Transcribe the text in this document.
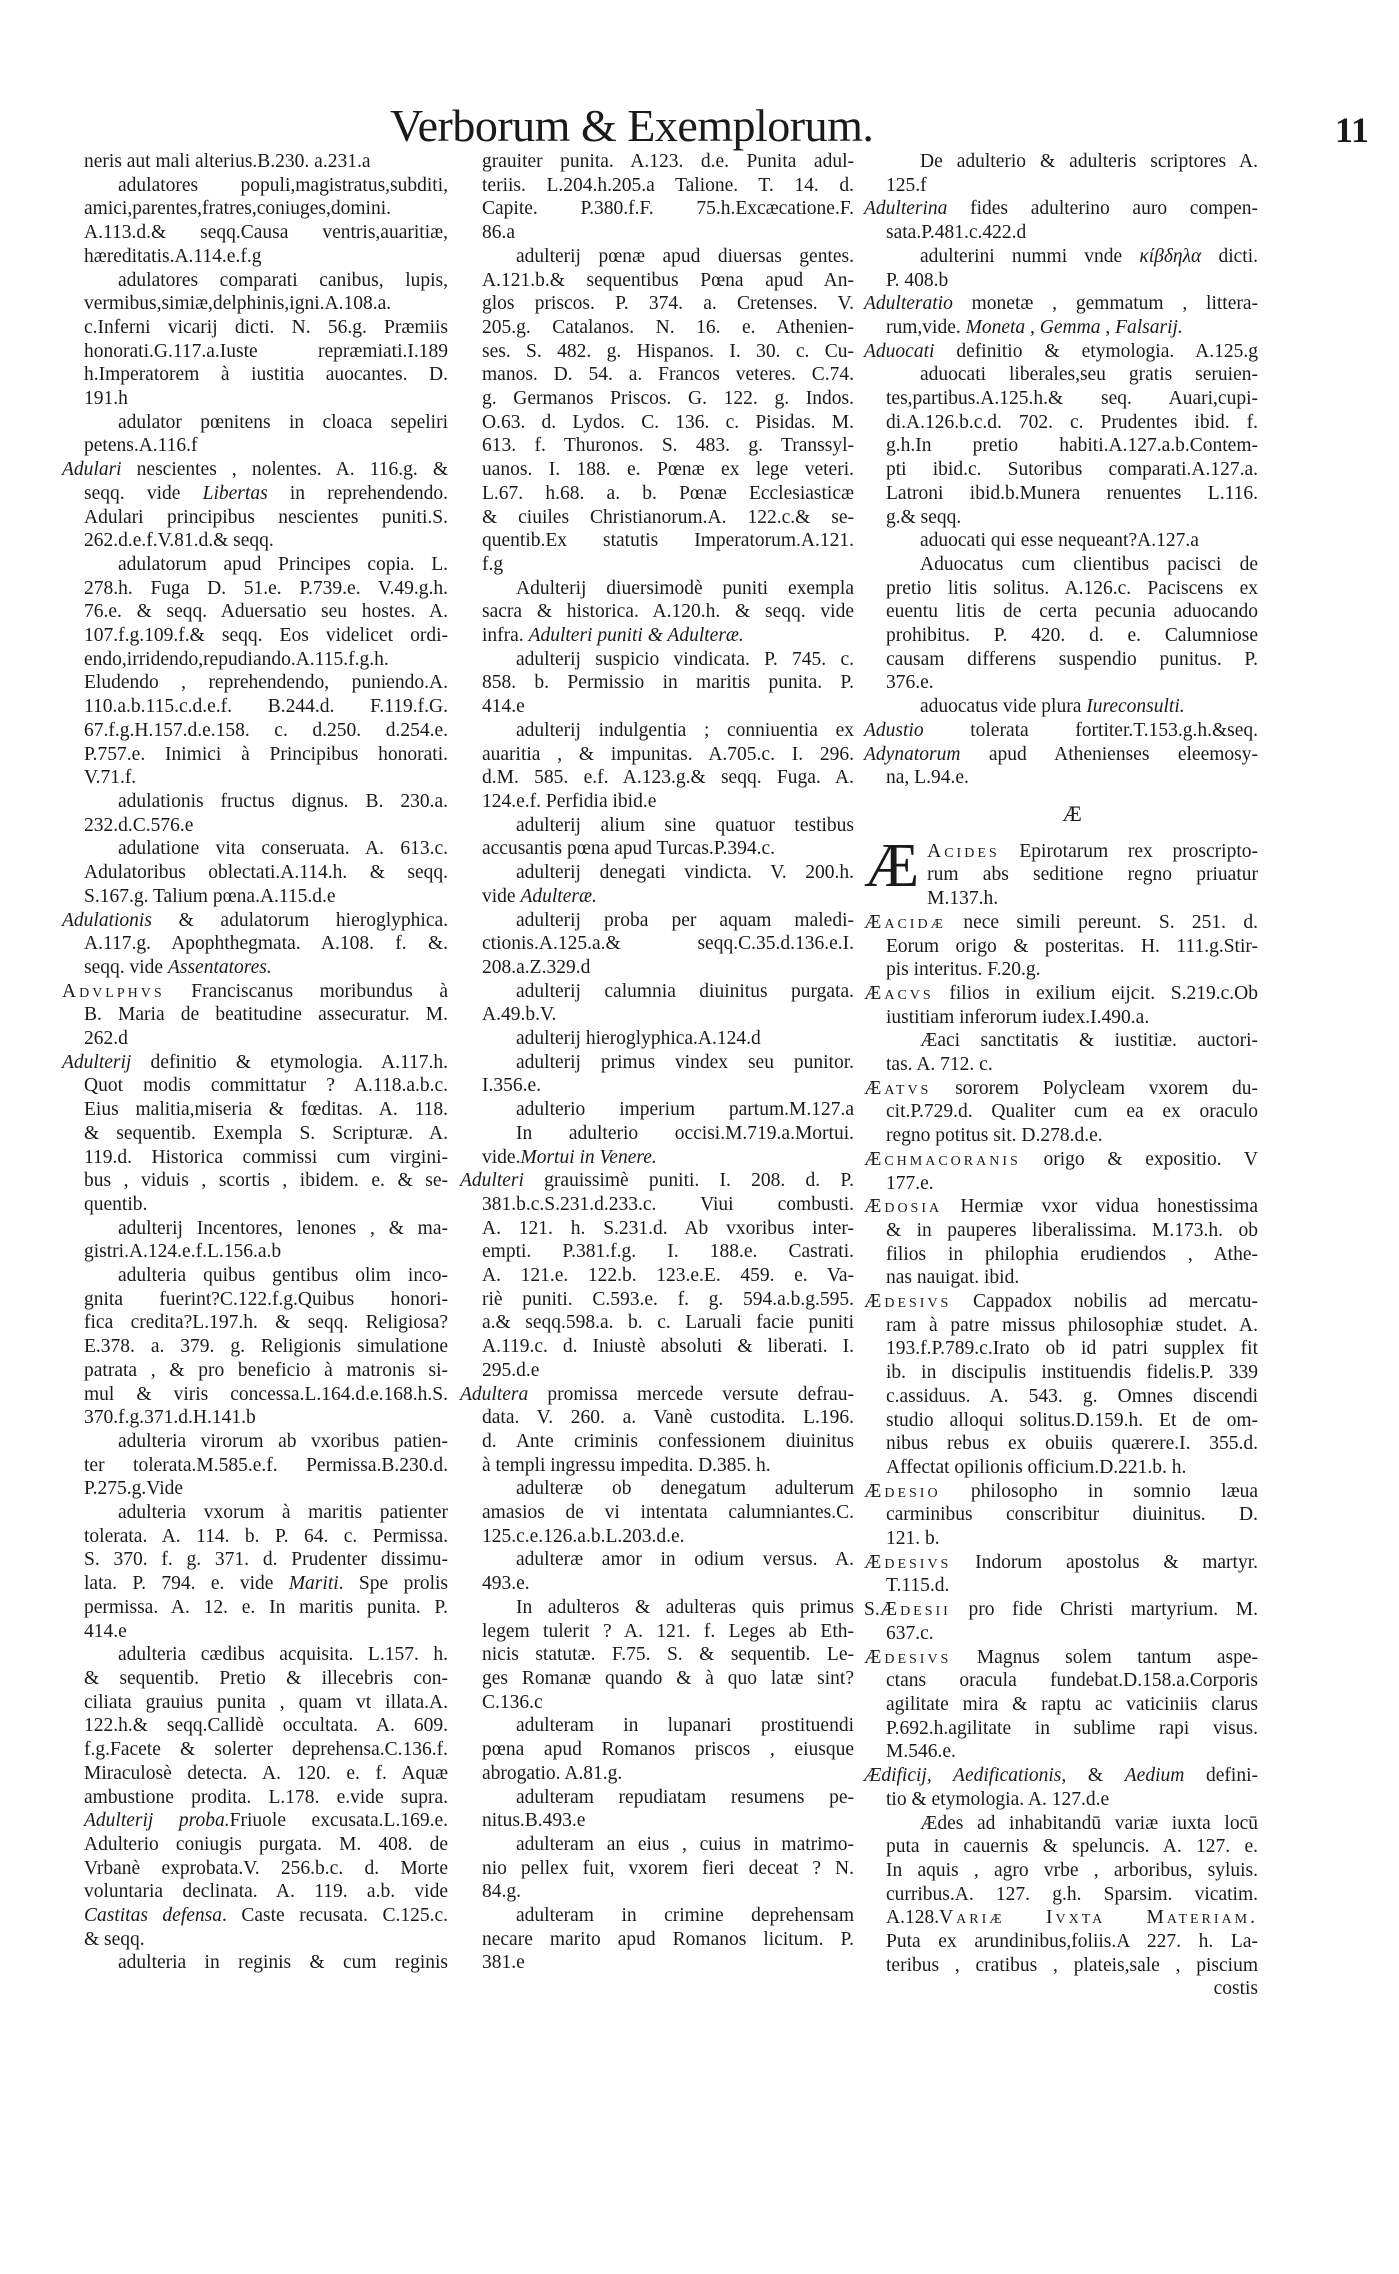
Verborum & Exemplorum.	11
neris aut mali alterius.B.230. a.231.a
adulatores populi,magistratus,subditi,
amici,parentes,fratres,coniuges,domini.
A.113.d.& seqq.Causa ventris,auaritiæ,
hæreditatis.A.114.e.f.g
adulatores comparati canibus, lupis,
vermibus,simiæ,delphinis,igni.A.108.a.
c.Inferni vicarij dicti. N. 56.g. Præmiis
honorati.G.117.a.Iuste repræmiati.I.189
h.Imperatorem à iustitia auocantes. D.
191.h
adulator pœnitens in cloaca sepeliri
petens.A.116.f
Adulari nescientes , nolentes. A. 116.g. &
seqq. vide Libertas in reprehendendo.
Adulari principibus nescientes puniti.S.
262.d.e.f.V.81.d.& seqq.
adulatorum apud Principes copia. L.
278.h. Fuga D. 51.e. P.739.e. V.49.g.h.
76.e. & seqq. Aduersatio seu hostes. A.
107.f.g.109.f.& seqq. Eos videlicet ordi-
endo,irridendo,repudiando.A.115.f.g.h.
Eludendo , reprehendendo, puniendo.A.
110.a.b.115.c.d.e.f. B.244.d. F.119.f.G.
67.f.g.H.157.d.e.158. c. d.250. d.254.e.
P.757.e. Inimici à Principibus honorati.
V.71.f.
adulationis fructus dignus. B. 230.a.
232.d.C.576.e
adulatione vita conseruata. A. 613.c.
Adulatoribus oblectati.A.114.h. & seqq.
S.167.g. Talium pœna.A.115.d.e
Adulationis & adulatorum hieroglyphica.
A.117.g. Apophthegmata. A.108. f. &.
seqq. vide Assentatores.
Advlphvs Franciscanus moribundus à
B. Maria de beatitudine assecuratur. M.
262.d
Adulterij definitio & etymologia. A.117.h.
Quot modis committatur ? A.118.a.b.c.
Eius malitia,miseria & fœditas. A. 118.
& sequentib. Exempla S. Scripturæ. A.
119.d. Historica commissi cum virgini-
bus , viduis , scortis , ibidem. e. & se-
quentib.
adulterij Incentores, lenones , & ma-
gistri.A.124.e.f.L.156.a.b
adulteria quibus gentibus olim inco-
gnita fuerint?C.122.f.g.Quibus honori-
fica credita?L.197.h. & seqq. Religiosa?
E.378. a. 379. g. Religionis simulatione
patrata , & pro beneficio à matronis si-
mul & viris concessa.L.164.d.e.168.h.S.
370.f.g.371.d.H.141.b
adulteria virorum ab vxoribus patien-
ter tolerata.M.585.e.f. Permissa.B.230.d.
P.275.g.Vide
adulteria vxorum à maritis patienter
tolerata. A. 114. b. P. 64. c. Permissa.
S. 370. f. g. 371. d. Prudenter dissimu-
lata. P. 794. e. vide Mariti. Spe prolis
permissa. A. 12. e. In maritis punita. P.
414.e
adulteria cædibus acquisita. L.157. h.
& sequentib. Pretio & illecebris con-
ciliata grauius punita , quam vt illata.A.
122.h.& seqq.Callidè occultata. A. 609.
f.g.Facete & solerter deprehensa.C.136.f.
Miraculosè detecta. A. 120. e. f. Aquæ
ambustione prodita. L.178. e.vide supra.
Adulterij proba.Friuole excusata.L.169.e.
Adulterio coniugis purgata. M. 408. de
Vrbanè exprobata.V. 256.b.c. d. Morte
voluntaria declinata. A. 119. a.b. vide
Castitas defensa. Caste recusata. C.125.c.
& seqq.
adulteria in reginis & cum reginis
grauiter punita. A.123. d.e. Punita adul-
teriis. L.204.h.205.a Talione. T. 14. d.
Capite. P.380.f.F. 75.h.Excæcatione.F.
86.a
adulterij pœnæ apud diuersas gentes.
A.121.b.& sequentibus Pœna apud An-
glos priscos. P. 374. a. Cretenses. V.
205.g. Catalanos. N. 16. e. Athenien-
ses. S. 482. g. Hispanos. I. 30. c. Cu-
manos. D. 54. a. Francos veteres. C.74.
g. Germanos Priscos. G. 122. g. Indos.
O.63. d. Lydos. C. 136. c. Pisidas. M.
613. f. Thuronos. S. 483. g. Transsyl-
uanos. I. 188. e. Pœnæ ex lege veteri.
L.67. h.68. a. b. Pœnæ Ecclesiasticæ
& ciuiles Christianorum.A. 122.c.& se-
quentib.Ex statutis Imperatorum.A.121.
f.g
Adulterij diuersimodè puniti exempla
sacra & historica. A.120.h. & seqq. vide
infra. Adulteri puniti & Adulteræ.
adulterij suspicio vindicata. P. 745. c.
858. b. Permissio in maritis punita. P.
414.e
adulterij indulgentia ; conniuentia ex
auaritia , & impunitas. A.705.c. I. 296.
d.M. 585. e.f. A.123.g.& seqq. Fuga. A.
124.e.f. Perfidia ibid.e
adulterij alium sine quatuor testibus
accusantis pœna apud Turcas.P.394.c.
adulterij denegati vindicta. V. 200.h.
vide Adulteræ.
adulterij proba per aquam maledi-
ctionis.A.125.a.& seqq.C.35.d.136.e.I.
208.a.Z.329.d
adulterij calumnia diuinitus purgata.
A.49.b.V.
adulterij hieroglyphica.A.124.d
adulterij primus vindex seu punitor.
I.356.e.
adulterio imperium partum.M.127.a
In adulterio occisi.M.719.a.Mortui.
vide.Mortui in Venere.
Adulteri grauissimè puniti. I. 208. d. P.
381.b.c.S.231.d.233.c. Viui combusti.
A. 121. h. S.231.d. Ab vxoribus inter-
empti. P.381.f.g. I. 188.e. Castrati.
A. 121.e. 122.b. 123.e.E. 459. e. Va-
riè puniti. C.593.e. f. g. 594.a.b.g.595.
a.& seqq.598.a. b. c. Laruali facie puniti
A.119.c. d. Iniustè absoluti & liberati. I.
295.d.e
Adultera promissa mercede versute defrau-
data. V. 260. a. Vanè custodita. L.196.
d. Ante criminis confessionem diuinitus
à templi ingressu impedita. D.385. h.
adulteræ ob denegatum adulterum
amasios de vi intentata calumniantes.C.
125.c.e.126.a.b.L.203.d.e.
adulteræ amor in odium versus. A.
493.e.
In adulteros & adulteras quis primus
legem tulerit ? A. 121. f. Leges ab Eth-
nicis statutæ. F.75. S. & sequentib. Le-
ges Romanæ quando & à quo latæ sint?
C.136.c
adulteram in lupanari prostituendi
pœna apud Romanos priscos , eiusque
abrogatio. A.81.g.
adulteram repudiatam resumens pe-
nitus.B.493.e
adulteram an eius , cuius in matrimo-
nio pellex fuit, vxorem fieri deceat ? N.
84.g.
adulteram in crimine deprehensam
necare marito apud Romanos licitum. P.
381.e
De adulterio & adulteris scriptores A.
125.f
Adulterina fides adulterino auro compen-
sata.P.481.c.422.d
adulterini nummi vnde κίβδηλα dicti.
P. 408.b
Adulteratio monetæ , gemmatum , littera-
rum,vide. Moneta , Gemma , Falsarij.
Aduocati definitio & etymologia. A.125.g
aduocati liberales,seu gratis seruien-
tes,partibus.A.125.h.& seq. Auari,cupi-
di.A.126.b.c.d. 702. c. Prudentes ibid. f.
g.h.In pretio habiti.A.127.a.b.Contem-
pti ibid.c. Sutoribus comparati.A.127.a.
Latroni ibid.b.Munera renuentes L.116.
g.& seqq.
aduocati qui esse nequeant?A.127.a
Aduocatus cum clientibus pacisci de
pretio litis solitus. A.126.c. Paciscens ex
euentu litis de certa pecunia aduocando
prohibitus. P. 420. d. e. Calumniose
causam differens suspendio punitus. P.
376.e.
aduocatus vide plura Iureconsulti.
Adustio tolerata fortiter.T.153.g.h.&seq.
Adynatorum apud Athenienses eleemosy-
na, L.94.e.
Æ
Æ Acides Epirotarum rex proscripto-
rum abs seditione regno priuatur
M.137.h.
Æacidæ nece simili pereunt. S. 251. d.
Eorum origo & posteritas. H. 111.g.Stir-
pis interitus. F.20.g.
Æacvs filios in exilium eijcit. S.219.c.Ob
iustitiam inferorum iudex.I.490.a.
Æaci sanctitatis & iustitiæ. auctori-
tas. A. 712. c.
Æatvs sororem Polycleam vxorem du-
cit.P.729.d. Qualiter cum ea ex oraculo
regno potitus sit. D.278.d.e.
Æchmacoranis origo & expositio. V
177.e.
Ædosia Hermiæ vxor vidua honestissima
& in pauperes liberalissima. M.173.h. ob
filios in philophia erudiendos , Athe-
nas nauigat. ibid.
Ædesivs Cappadox nobilis ad mercatu-
ram à patre missus philosophiæ studet. A.
193.f.P.789.c.Irato ob id patri supplex fit
ib. in discipulis instituendis fidelis.P. 339
c.assiduus. A. 543. g. Omnes discendi
studio alloqui solitus.D.159.h. Et de om-
nibus rebus ex obuiis quærere.I. 355.d.
Affectat opilionis officium.D.221.b. h.
Ædesio philosopho in somnio læua
carminibus conscribitur diuinitus. D.
121. b.
Ædesivs Indorum apostolus & martyr.
T.115.d.
S.Ædesii pro fide Christi martyrium. M.
637.c.
Ædesivs Magnus solem tantum aspe-
ctans oracula fundebat.D.158.a.Corporis
agilitate mira & raptu ac vaticiniis clarus
P.692.h.agilitate in sublime rapi visus.
M.546.e.
Ædificij, Aedificationis, & Aedium defini-
tio & etymologia. A. 127.d.e
Ædes ad inhabitandū variæ iuxta locū
puta in cauernis & speluncis. A. 127. e.
In aquis , agro vrbe , arboribus, syluis.
curribus.A. 127. g.h. Sparsim. vicatim.
A.128.Variæ Ivxta Materiam.
Puta ex arundinibus,foliis.A 227. h. La-
teribus , cratibus , plateis,sale , piscium
costis
